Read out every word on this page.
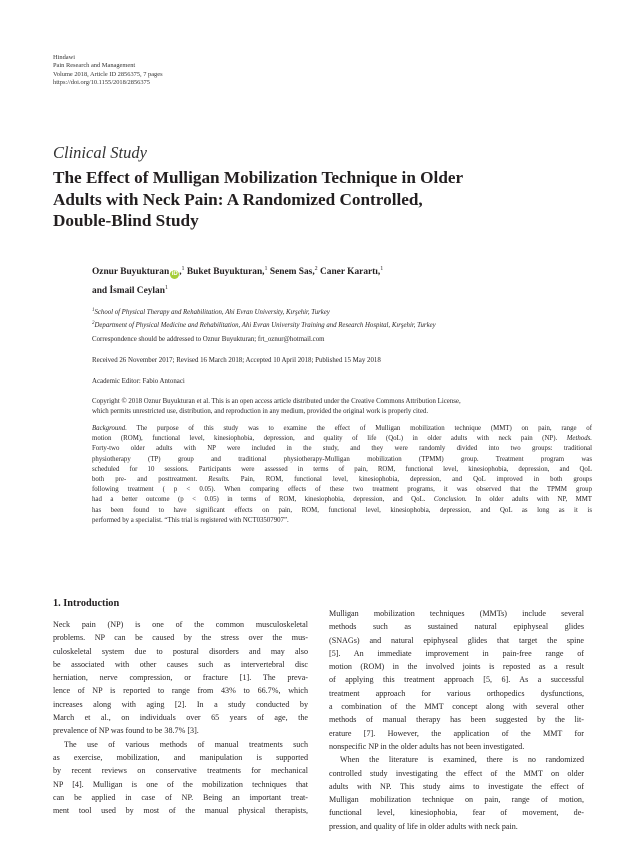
Hindawi
Pain Research and Management
Volume 2018, Article ID 2856375, 7 pages
https://doi.org/10.1155/2018/2856375
Clinical Study
The Effect of Mulligan Mobilization Technique in Older
Adults with Neck Pain: A Randomized Controlled,
Double-Blind Study
Oznur Buyukturan iD ,$^1$ Buket Buyukturan,$^1$ Senem Sas,$^2$ Caner Karartı,$^1$
and İsmail Ceylan$^1$
$^1$School of Physical Therapy and Rehabilitation, Ahi Evran University, Kırşehir, Turkey
$^2$Department of Physical Medicine and Rehabilitation, Ahi Evran University Training and Research Hospital, Kırşehir, Turkey
Correspondence should be addressed to Oznur Buyukturan; frt_oznur@hotmail.com
Received 26 November 2017; Revised 16 March 2018; Accepted 10 April 2018; Published 15 May 2018
Academic Editor: Fabio Antonaci
Copyright © 2018 Oznur Buyukturan et al. This is an open access article distributed under the Creative Commons Attribution License,
which permits unrestricted use, distribution, and reproduction in any medium, provided the original work is properly cited.
Background. The purpose of this study was to examine the effect of Mulligan mobilization technique (MMT) on pain, range of
motion (ROM), functional level, kinesiophobia, depression, and quality of life (QoL) in older adults with neck pain (NP). Methods.
Forty-two older adults with NP were included in the study, and they were randomly divided into two groups: traditional
physiotherapy (TP) group and traditional physiotherapy-Mulligan mobilization (TPMM) group. Treatment program was
scheduled for 10 sessions. Participants were assessed in terms of pain, ROM, functional level, kinesiophobia, depression, and QoL
both pre- and posttreatment. Results. Pain, ROM, functional level, kinesiophobia, depression, and QoL improved in both groups
following treatment ( p < 0.05). When comparing effects of these two treatment programs, it was observed that the TPMM group
had a better outcome (p < 0.05) in terms of ROM, kinesiophobia, depression, and QoL. Conclusion. In older adults with NP, MMT
has been found to have significant effects on pain, ROM, functional level, kinesiophobia, depression, and QoL as long as it is
performed by a specialist. “This trial is registered with NCT03507907”.
1. Introduction
Neck pain (NP) is one of the common musculoskeletal
problems. NP can be caused by the stress over the mus-
culoskeletal system due to postural disorders and may also
be associated with other causes such as intervertebral disc
herniation, nerve compression, or fracture [1]. The preva-
lence of NP is reported to range from 43% to 66.7%, which
increases along with aging [2]. In a study conducted by
March et al., on individuals over 65 years of age, the
prevalence of NP was found to be 38.7% [3].
The use of various methods of manual treatments such
as exercise, mobilization, and manipulation is supported
by recent reviews on conservative treatments for mechanical
NP [4]. Mulligan is one of the mobilization techniques that
can be applied in case of NP. Being an important treat-
ment tool used by most of the manual physical therapists,
Mulligan mobilization techniques (MMTs) include several
methods such as sustained natural epiphyseal glides
(SNAGs) and natural epiphyseal glides that target the spine
[5]. An immediate improvement in pain-free range of
motion (ROM) in the involved joints is reposted as a result
of applying this treatment approach [5, 6]. As a successful
treatment approach for various orthopedics dysfunctions,
a combination of the MMT concept along with several other
methods of manual therapy has been suggested by the lit-
erature [7]. However, the application of the MMT for
nonspecific NP in the older adults has not been investigated.
When the literature is examined, there is no randomized
controlled study investigating the effect of the MMT on older
adults with NP. This study aims to investigate the effect of
Mulligan mobilization technique on pain, range of motion,
functional level, kinesiophobia, fear of movement, de-
pression, and quality of life in older adults with neck pain.
